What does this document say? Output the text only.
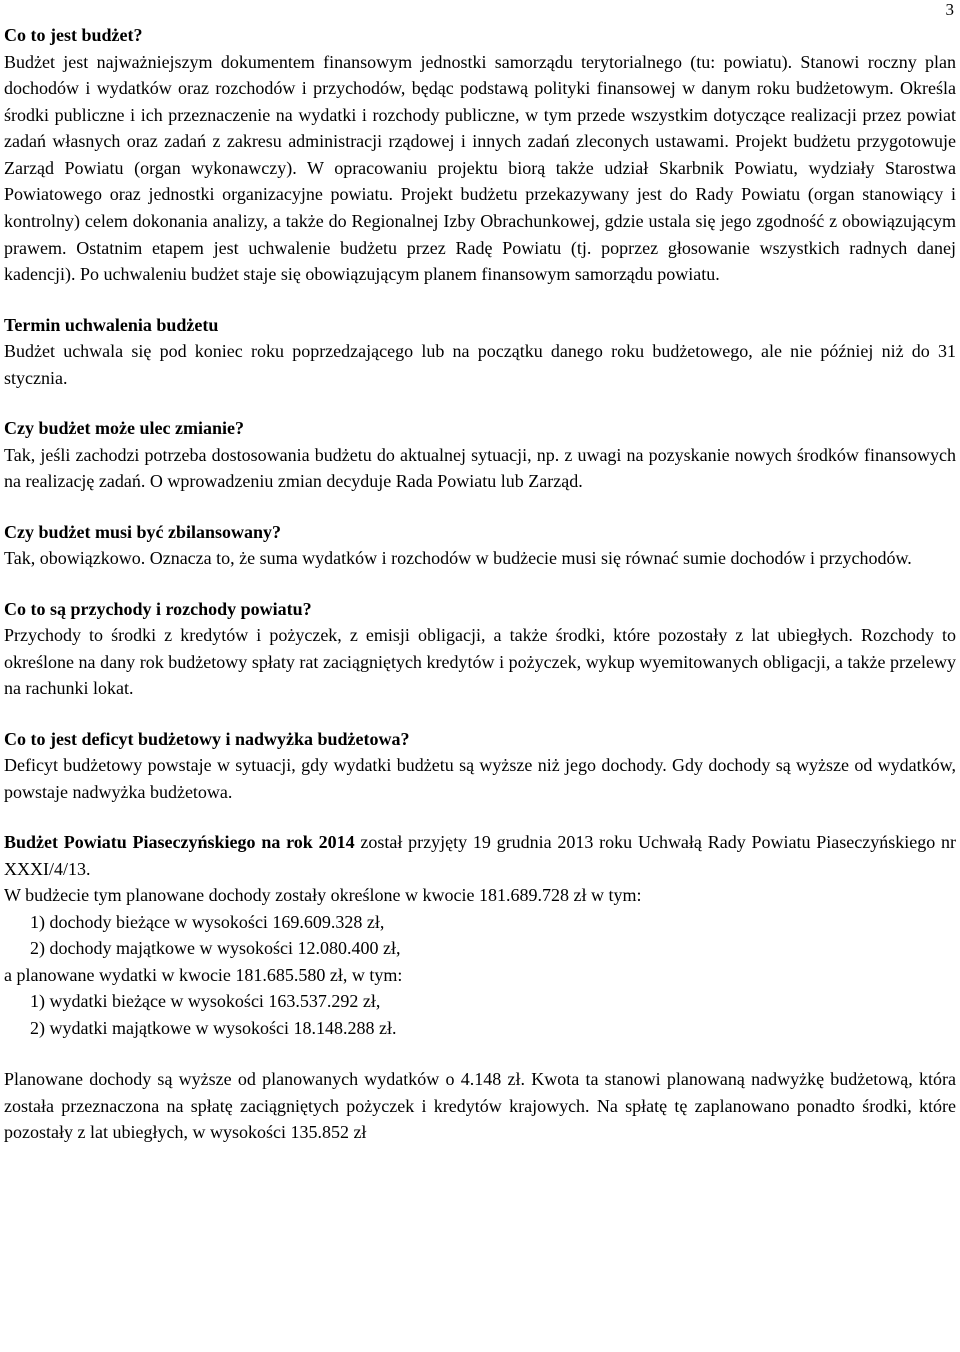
3
Co to jest budżet?

Budżet jest najważniejszym dokumentem finansowym jednostki samorządu terytorialnego (tu: powiatu). Stanowi roczny plan dochodów i wydatków oraz rozchodów i przychodów, będąc podstawą polityki finansowej w danym roku budżetowym. Określa środki publiczne i ich przeznaczenie na wydatki i rozchody publiczne, w tym przede wszystkim dotyczące realizacji przez powiat zadań własnych oraz zadań z zakresu administracji rządowej i innych zadań zleconych ustawami. Projekt budżetu przygotowuje Zarząd Powiatu (organ wykonawczy). W opracowaniu projektu biorą także udział Skarbnik Powiatu, wydziały Starostwa Powiatowego oraz jednostki organizacyjne powiatu. Projekt budżetu przekazywany jest do Rady Powiatu (organ stanowiący i kontrolny) celem dokonania analizy, a także do Regionalnej Izby Obrachunkowej, gdzie ustala się jego zgodność z obowiązującym prawem. Ostatnim etapem jest uchwalenie budżetu przez Radę Powiatu (tj. poprzez głosowanie wszystkich radnych danej kadencji). Po uchwaleniu budżet staje się obowiązującym planem finansowym samorządu powiatu.

Termin uchwalenia budżetu

Budżet uchwala się pod koniec roku poprzedzającego lub na początku danego roku budżetowego, ale nie później niż do 31 stycznia.

Czy budżet może ulec zmianie?

Tak, jeśli zachodzi potrzeba dostosowania budżetu do aktualnej sytuacji, np. z uwagi na pozyskanie nowych środków finansowych na realizację zadań. O wprowadzeniu zmian decyduje Rada Powiatu lub Zarząd.

Czy budżet musi być zbilansowany?

Tak, obowiązkowo. Oznacza to, że suma wydatków i rozchodów w budżecie musi się równać sumie dochodów i przychodów.

Co to są przychody i rozchody powiatu?

Przychody to środki z kredytów i pożyczek, z emisji obligacji, a także środki, które pozostały z lat ubiegłych. Rozchody to określone na dany rok budżetowy spłaty rat zaciągniętych kredytów i pożyczek, wykup wyemitowanych obligacji, a także przelewy na rachunki lokat.

Co to jest deficyt budżetowy i nadwyżka budżetowa?

Deficyt budżetowy powstaje w sytuacji, gdy wydatki budżetu są wyższe niż jego dochody. Gdy dochody są wyższe od wydatków, powstaje nadwyżka budżetowa.

Budżet Powiatu Piaseczyńskiego na rok 2014 został przyjęty 19 grudnia 2013 roku Uchwałą Rady Powiatu Piaseczyńskiego nr XXXI/4/13.

W budżecie tym planowane dochody zostały określone w kwocie 181.689.728 zł w tym:

1) dochody bieżące w wysokości 169.609.328 zł,
2) dochody majątkowe w wysokości 12.080.400 zł,

a planowane wydatki w kwocie 181.685.580 zł, w tym:

1) wydatki bieżące w wysokości 163.537.292 zł,
2) wydatki majątkowe w wysokości 18.148.288 zł.

Planowane dochody są wyższe od planowanych wydatków o 4.148 zł. Kwota ta stanowi planowaną nadwyżkę budżetową, która została przeznaczona na spłatę zaciągniętych pożyczek i kredytów krajowych. Na spłatę tę zaplanowano ponadto środki, które pozostały z lat ubiegłych, w wysokości 135.852 zł
